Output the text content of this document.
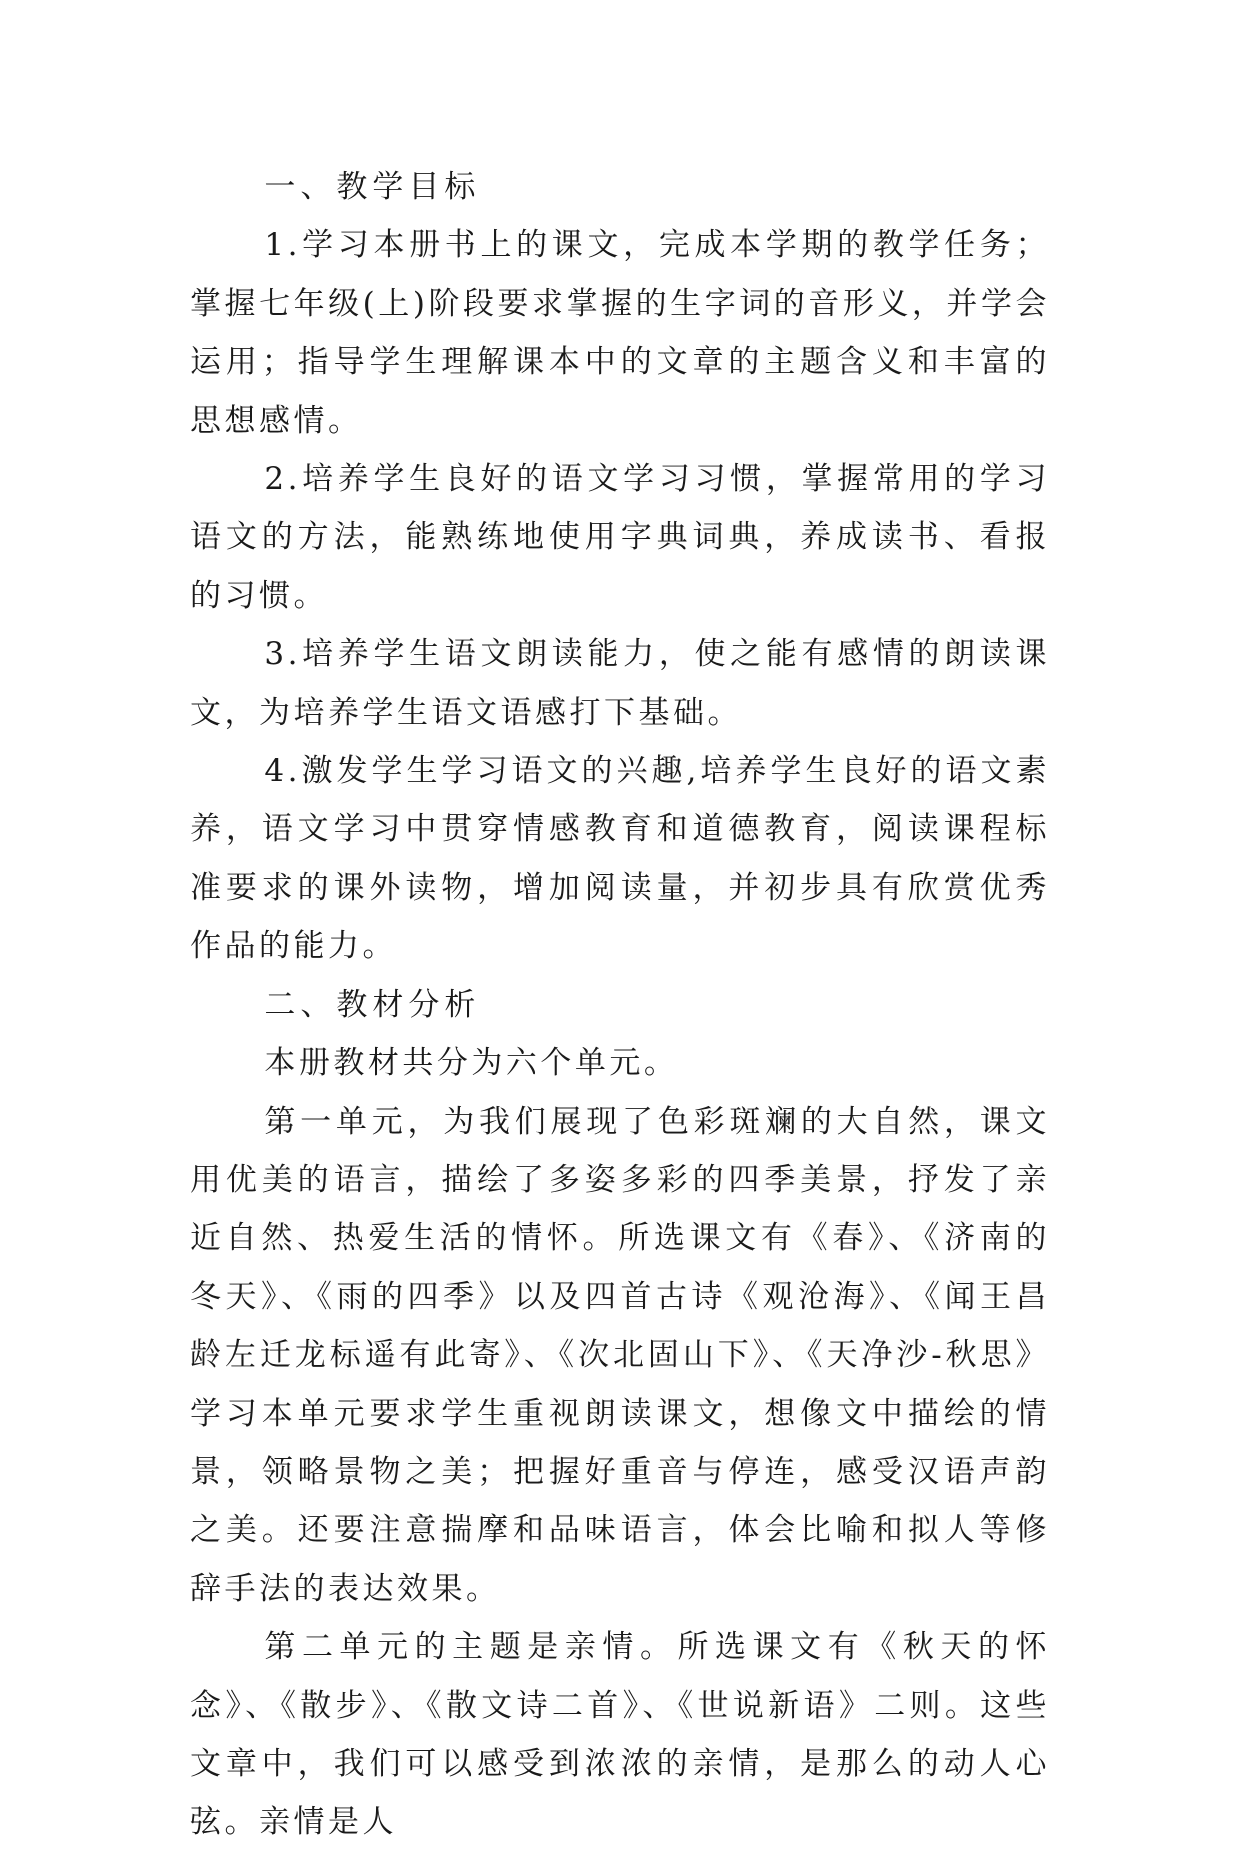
一、教学目标

1.学习本册书上的课文，完成本学期的教学任务；掌握七年级(上)阶段要求掌握的生字词的音形义，并学会运用；指导学生理解课本中的文章的主题含义和丰富的思想感情。

2.培养学生良好的语文学习习惯，掌握常用的学习语文的方法，能熟练地使用字典词典，养成读书、看报的习惯。

3.培养学生语文朗读能力，使之能有感情的朗读课文，为培养学生语文语感打下基础。

4.激发学生学习语文的兴趣,培养学生良好的语文素养，语文学习中贯穿情感教育和道德教育，阅读课程标准要求的课外读物，增加阅读量，并初步具有欣赏优秀作品的能力。

二、教材分析

本册教材共分为六个单元。

第一单元，为我们展现了色彩斑斓的大自然，课文用优美的语言，描绘了多姿多彩的四季美景，抒发了亲近自然、热爱生活的情怀。所选课文有《春》、《济南的冬天》、《雨的四季》以及四首古诗《观沧海》、《闻王昌龄左迁龙标遥有此寄》、《次北固山下》、《天净沙-秋思》学习本单元要求学生重视朗读课文，想像文中描绘的情景，领略景物之美；把握好重音与停连，感受汉语声韵之美。还要注意揣摩和品味语言，体会比喻和拟人等修辞手法的表达效果。

第二单元的主题是亲情。所选课文有《秋天的怀念》、《散步》、《散文诗二首》、《世说新语》二则。这些文章中，我们可以感受到浓浓的亲情，是那么的动人心弦。亲情是人
